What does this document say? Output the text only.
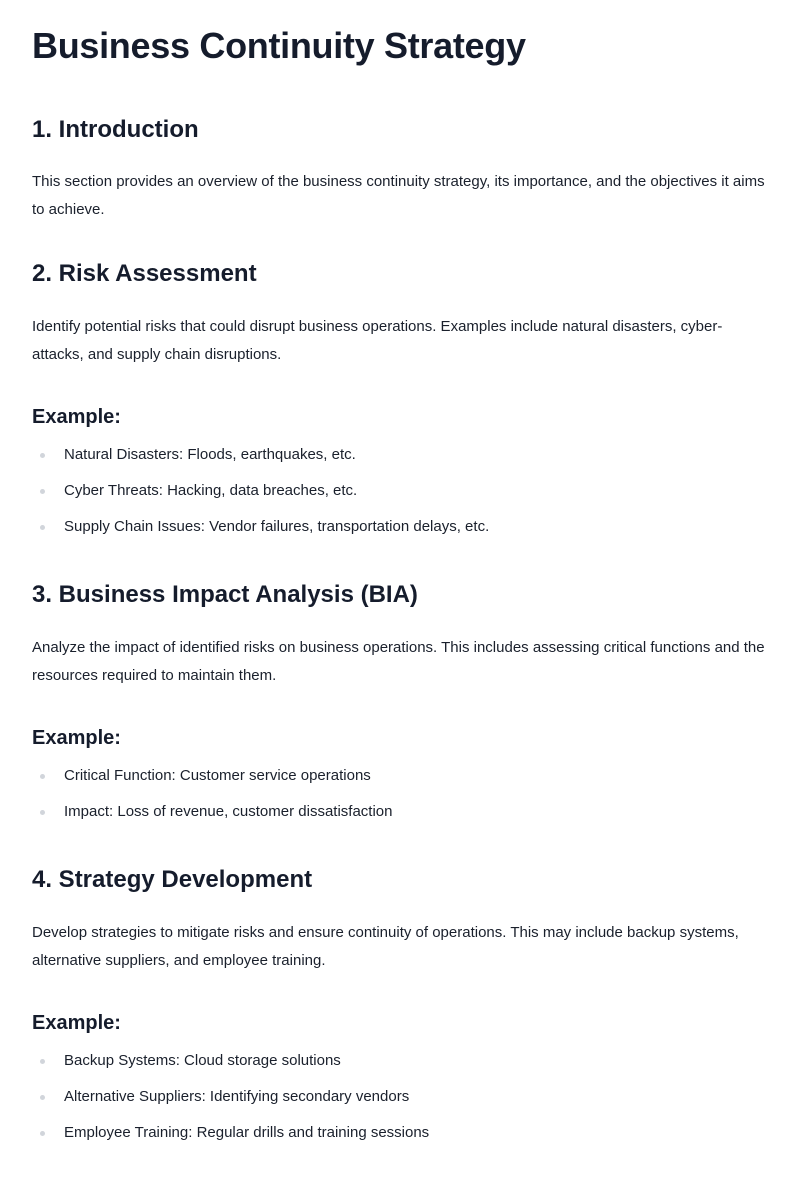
Business Continuity Strategy
1. Introduction

This section provides an overview of the business continuity strategy, its importance, and the objectives it aims to achieve.

2. Risk Assessment

Identify potential risks that could disrupt business operations. Examples include natural disasters, cyber-attacks, and supply chain disruptions.

Example:
Natural Disasters: Floods, earthquakes, etc.
Cyber Threats: Hacking, data breaches, etc.
Supply Chain Issues: Vendor failures, transportation delays, etc.
3. Business Impact Analysis (BIA)

Analyze the impact of identified risks on business operations. This includes assessing critical functions and the resources required to maintain them.

Example:
Critical Function: Customer service operations
Impact: Loss of revenue, customer dissatisfaction
4. Strategy Development

Develop strategies to mitigate risks and ensure continuity of operations. This may include backup systems, alternative suppliers, and employee training.

Example:
Backup Systems: Cloud storage solutions
Alternative Suppliers: Identifying secondary vendors
Employee Training: Regular drills and training sessions
